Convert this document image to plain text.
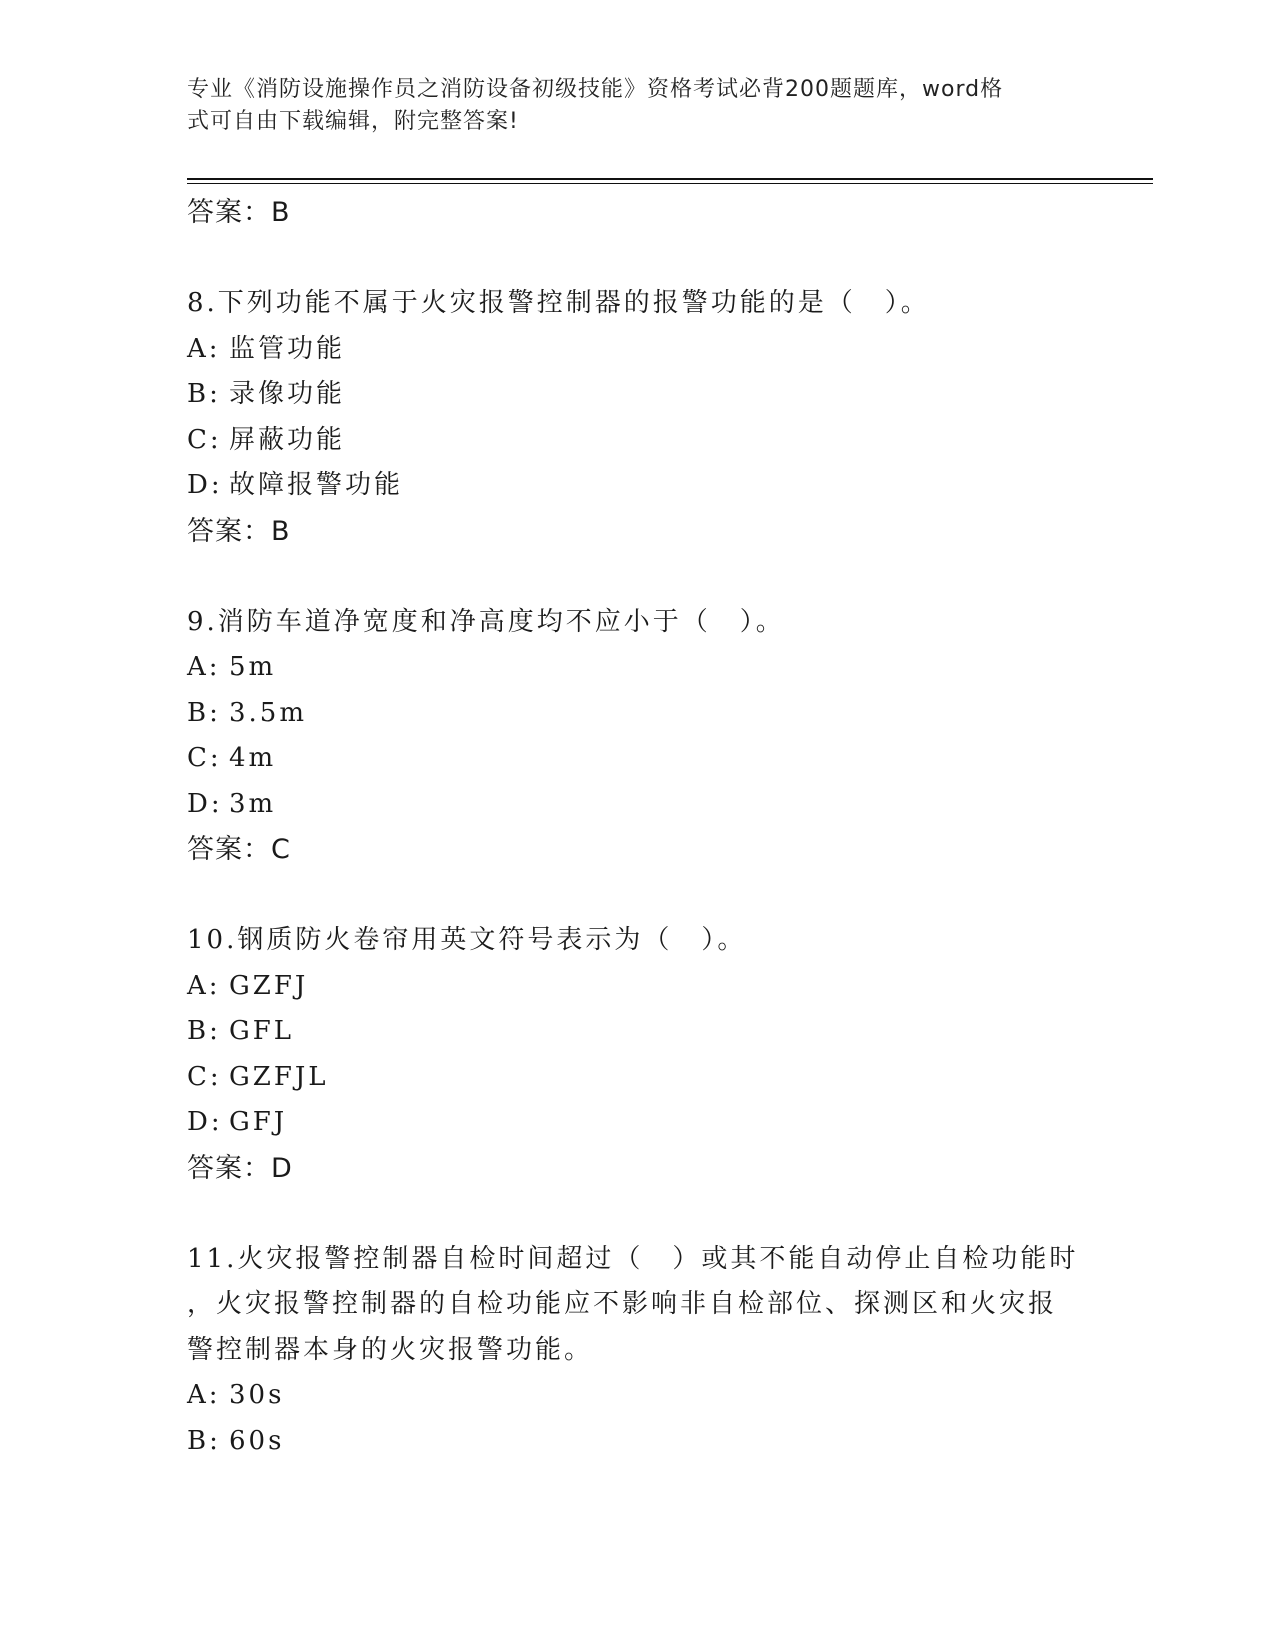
专业《消防设施操作员之消防设备初级技能》资格考试必背200题题库，word格
式可自由下载编辑，附完整答案!
答案：B
8.下列功能不属于火灾报警控制器的报警功能的是（　）。
A: 监管功能
B: 录像功能
C: 屏蔽功能
D: 故障报警功能
答案：B
9.消防车道净宽度和净高度均不应小于（　）。
A: 5m
B: 3.5m
C: 4m
D: 3m
答案：C
10.钢质防火卷帘用英文符号表示为（　）。
A: GZFJ
B: GFL
C: GZFJL
D: GFJ
答案：D
11.火灾报警控制器自检时间超过（　）或其不能自动停止自检功能时
，火灾报警控制器的自检功能应不影响非自检部位、探测区和火灾报
警控制器本身的火灾报警功能。
A: 30s
B: 60s
